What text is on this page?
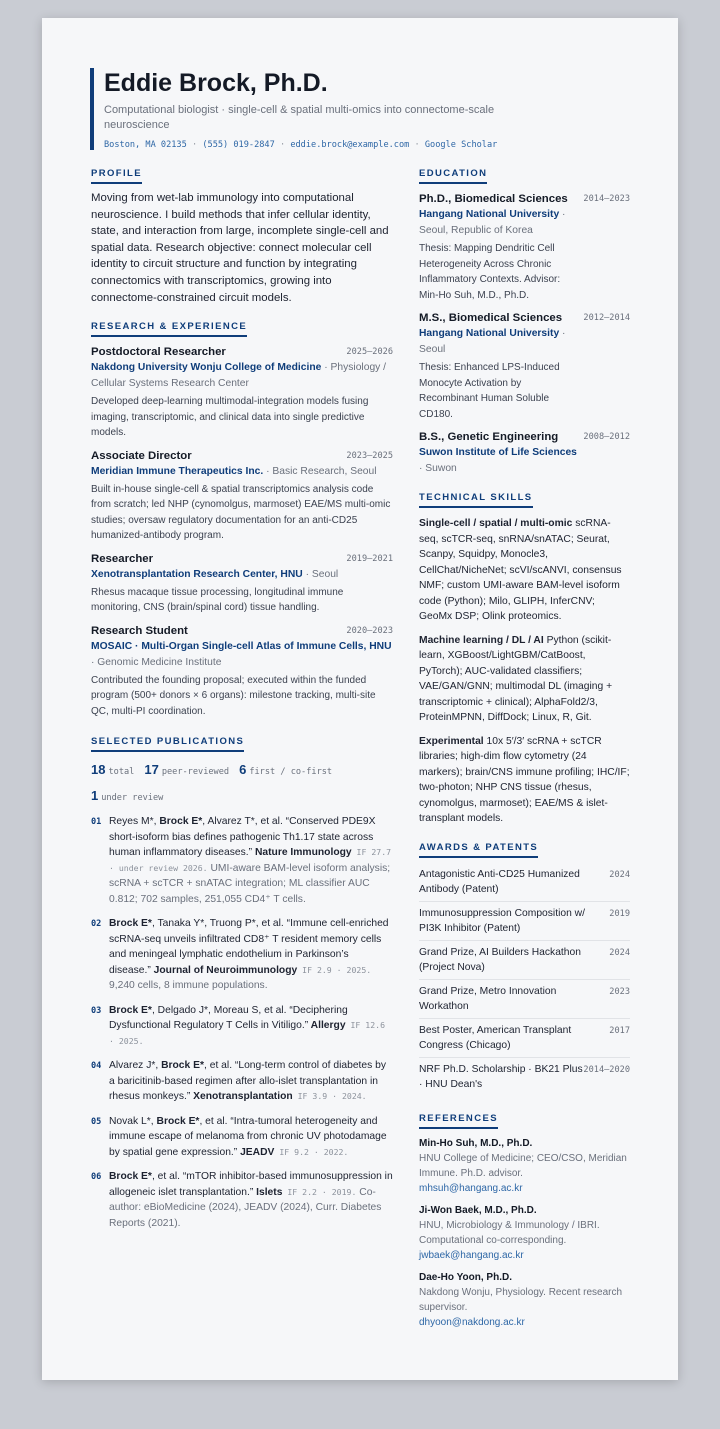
Eddie Brock, Ph.D.
Computational biologist · single-cell & spatial multi-omics into connectome-scale neuroscience
Boston, MA 02135 · (555) 019-2847 · eddie.brock@example.com · Google Scholar
PROFILE

Moving from wet-lab immunology into computational neuroscience. I build methods that infer cellular identity, state, and interaction from large, incomplete single-cell and spatial data. Research objective: connect molecular cell identity to circuit structure and function by integrating connectomics with transcriptomics, growing into connectome-constrained circuit models.

RESEARCH & EXPERIENCE
Postdoctoral Researcher	2025–2026
Nakdong University Wonju College of Medicine · Physiology / Cellular Systems Research Center
Developed deep-learning multimodal-integration models fusing imaging, transcriptomic, and clinical data into single predictive models.
Associate Director	2023–2025
Meridian Immune Therapeutics Inc. · Basic Research, Seoul
Built in-house single-cell & spatial transcriptomics analysis code from scratch; led NHP (cynomolgus, marmoset) EAE/MS multi-omic studies; oversaw regulatory documentation for an anti-CD25 humanized-antibody program.
Researcher	2019–2021
Xenotransplantation Research Center, HNU · Seoul
Rhesus macaque tissue processing, longitudinal immune monitoring, CNS (brain/spinal cord) tissue handling.
Research Student	2020–2023
MOSAIC · Multi-Organ Single-cell Atlas of Immune Cells, HNU · Genomic Medicine Institute
Contributed the founding proposal; executed within the funded program (500+ donors × 6 organs): milestone tracking, multi-site QC, multi-PI coordination.
SELECTED PUBLICATIONS
18 total 17 peer-reviewed 6 first / co-first
1 under review
01 Reyes M*, Brock E*, Alvarez T*, et al. “Conserved PDE9X short-isoform bias defines pathogenic Th1.17 state across human inflammatory diseases.” Nature Immunology IF 27.7 · under review 2026. UMI-aware BAM-level isoform analysis; scRNA + scTCR + snATAC integration; ML classifier AUC 0.812; 702 samples, 251,055 CD4⁺ T cells.
02 Brock E*, Tanaka Y*, Truong P*, et al. “Immune cell-enriched scRNA-seq unveils infiltrated CD8⁺ T resident memory cells and meningeal lymphatic endothelium in Parkinson’s disease.” Journal of Neuroimmunology IF 2.9 · 2025. 9,240 cells, 8 immune populations.
03 Brock E*, Delgado J*, Moreau S, et al. “Deciphering Dysfunctional Regulatory T Cells in Vitiligo.” Allergy IF 12.6 · 2025.
04 Alvarez J*, Brock E*, et al. “Long-term control of diabetes by a baricitinib-based regimen after allo-islet transplantation in rhesus monkeys.” Xenotransplantation IF 3.9 · 2024.
05 Novak L*, Brock E*, et al. “Intra-tumoral heterogeneity and immune escape of melanoma from chronic UV photodamage by spatial gene expression.” JEADV IF 9.2 · 2022.
06 Brock E*, et al. “mTOR inhibitor-based immunosuppression in allogeneic islet transplantation.” Islets IF 2.2 · 2019. Co-author: eBioMedicine (2024), JEADV (2024), Curr. Diabetes Reports (2021).
EDUCATION
Ph.D., Biomedical Sciences 2014–2023
Hangang National University · Seoul, Republic of Korea
Thesis: Mapping Dendritic Cell Heterogeneity Across Chronic Inflammatory Contexts. Advisor: Min-Ho Suh, M.D., Ph.D.
M.S., Biomedical Sciences	2012–2014
Hangang National University · Seoul
Thesis: Enhanced LPS-Induced Monocyte Activation by Recombinant Human Soluble CD180.
B.S., Genetic Engineering	2008–2012
Suwon Institute of Life Sciences · Suwon
TECHNICAL SKILLS
Single-cell / spatial / multi-omic scRNA-seq, scTCR-seq, snRNA/snATAC; Seurat, Scanpy, Squidpy, Monocle3, CellChat/NicheNet; scVI/scANVI, consensus NMF; custom UMI-aware BAM-level isoform code (Python); Milo, GLIPH, InferCNV; GeoMx DSP; Olink proteomics.
Machine learning / DL / AI Python (scikit-learn, XGBoost/LightGBM/CatBoost, PyTorch); AUC-validated classifiers; VAE/GAN/GNN; multimodal DL (imaging + transcriptomic + clinical); AlphaFold2/3, ProteinMPNN, DiffDock; Linux, R, Git.
Experimental 10x 5′/3′ scRNA + scTCR libraries; high-dim flow cytometry (24 markers); brain/CNS immune profiling; IHC/IF; two-photon; NHP CNS tissue (rhesus, cynomolgus, marmoset); EAE/MS & islet-transplant models.
AWARDS & PATENTS
Antagonistic Anti-CD25 Humanized Antibody (Patent)
2024
Immunosuppression Composition w/ PI3K Inhibitor (Patent)
2019
Grand Prize, AI Builders Hackathon (Project Nova)
2024
Grand Prize, Metro Innovation Workathon
2023
Best Poster, American Transplant Congress (Chicago)
2017
NRF Ph.D. Scholarship · BK21 Plus · HNU Dean's
2014–2020
REFERENCES
Min-Ho Suh, M.D., Ph.D.
HNU College of Medicine; CEO/CSO, Meridian Immune. Ph.D. advisor.
mhsuh@hangang.ac.kr
Ji-Won Baek, M.D., Ph.D.
HNU, Microbiology & Immunology / IBRI. Computational co-corresponding.
jwbaek@hangang.ac.kr
Dae-Ho Yoon, Ph.D.
Nakdong Wonju, Physiology. Recent research supervisor.
dhyoon@nakdong.ac.kr
